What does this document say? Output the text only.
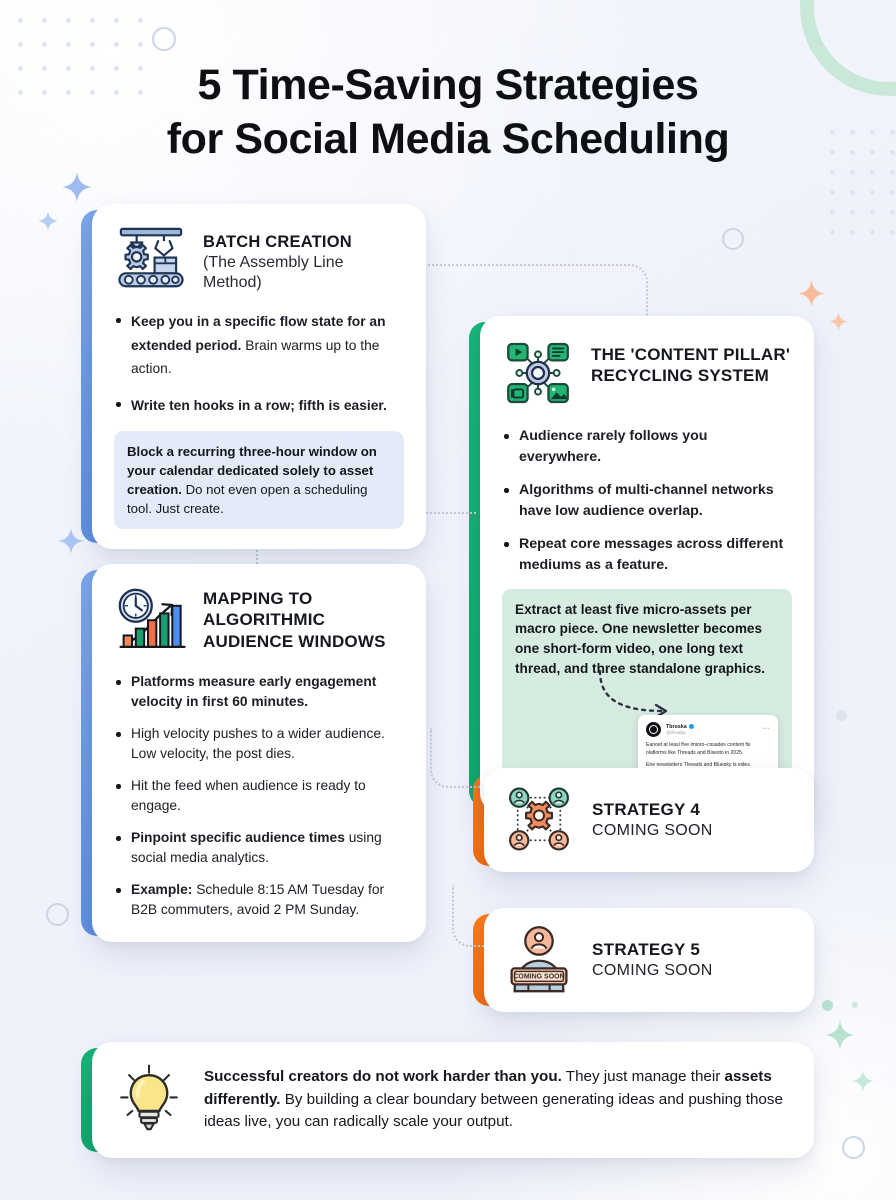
5 Time-Saving Strategies
for Social Media Scheduling
BATCH CREATION
(The Assembly Line Method)
Keep you in a specific flow state for an extended period. Brain warms up to the action.
Write ten hooks in a row; fifth is easier.
Block a recurring three-hour window on your calendar dedicated solely to asset creation. Do not even open a scheduling tool. Just create.
THE 'CONTENT PILLAR'
RECYCLING SYSTEM
Audience rarely follows you everywhere.
Algorithms of multi-channel networks have low audience overlap.
Repeat core messages across different mediums as a feature.
Extract at least five micro-assets per macro piece. One newsletter becomes one short-form video, one long text thread, and three standalone graphics.
Tbroska
@threality
•••

Eanoet at leasl flve imioro–cssades content fis olaflorms like Threads and Bisesto in 2025.

Ene newsletters Threads and Bluesky is vides.

MAPPING TO
ALGORITHMIC
AUDIENCE WINDOWS
Platforms measure early engagement velocity in first 60 minutes.
High velocity pushes to a wider audience. Low velocity, the post dies.
Hit the feed when audience is ready to engage.
Pinpoint specific audience times using social media analytics.
Example: Schedule 8:15 AM Tuesday for B2B commuters, avoid 2 PM Sunday.
STRATEGY 4
COMING SOON
COMING SOON
STRATEGY 5
COMING SOON
Successful creators do not work harder than you. They just manage their assets differently. By building a clear boundary between generating ideas and pushing those ideas live, you can radically scale your output.
